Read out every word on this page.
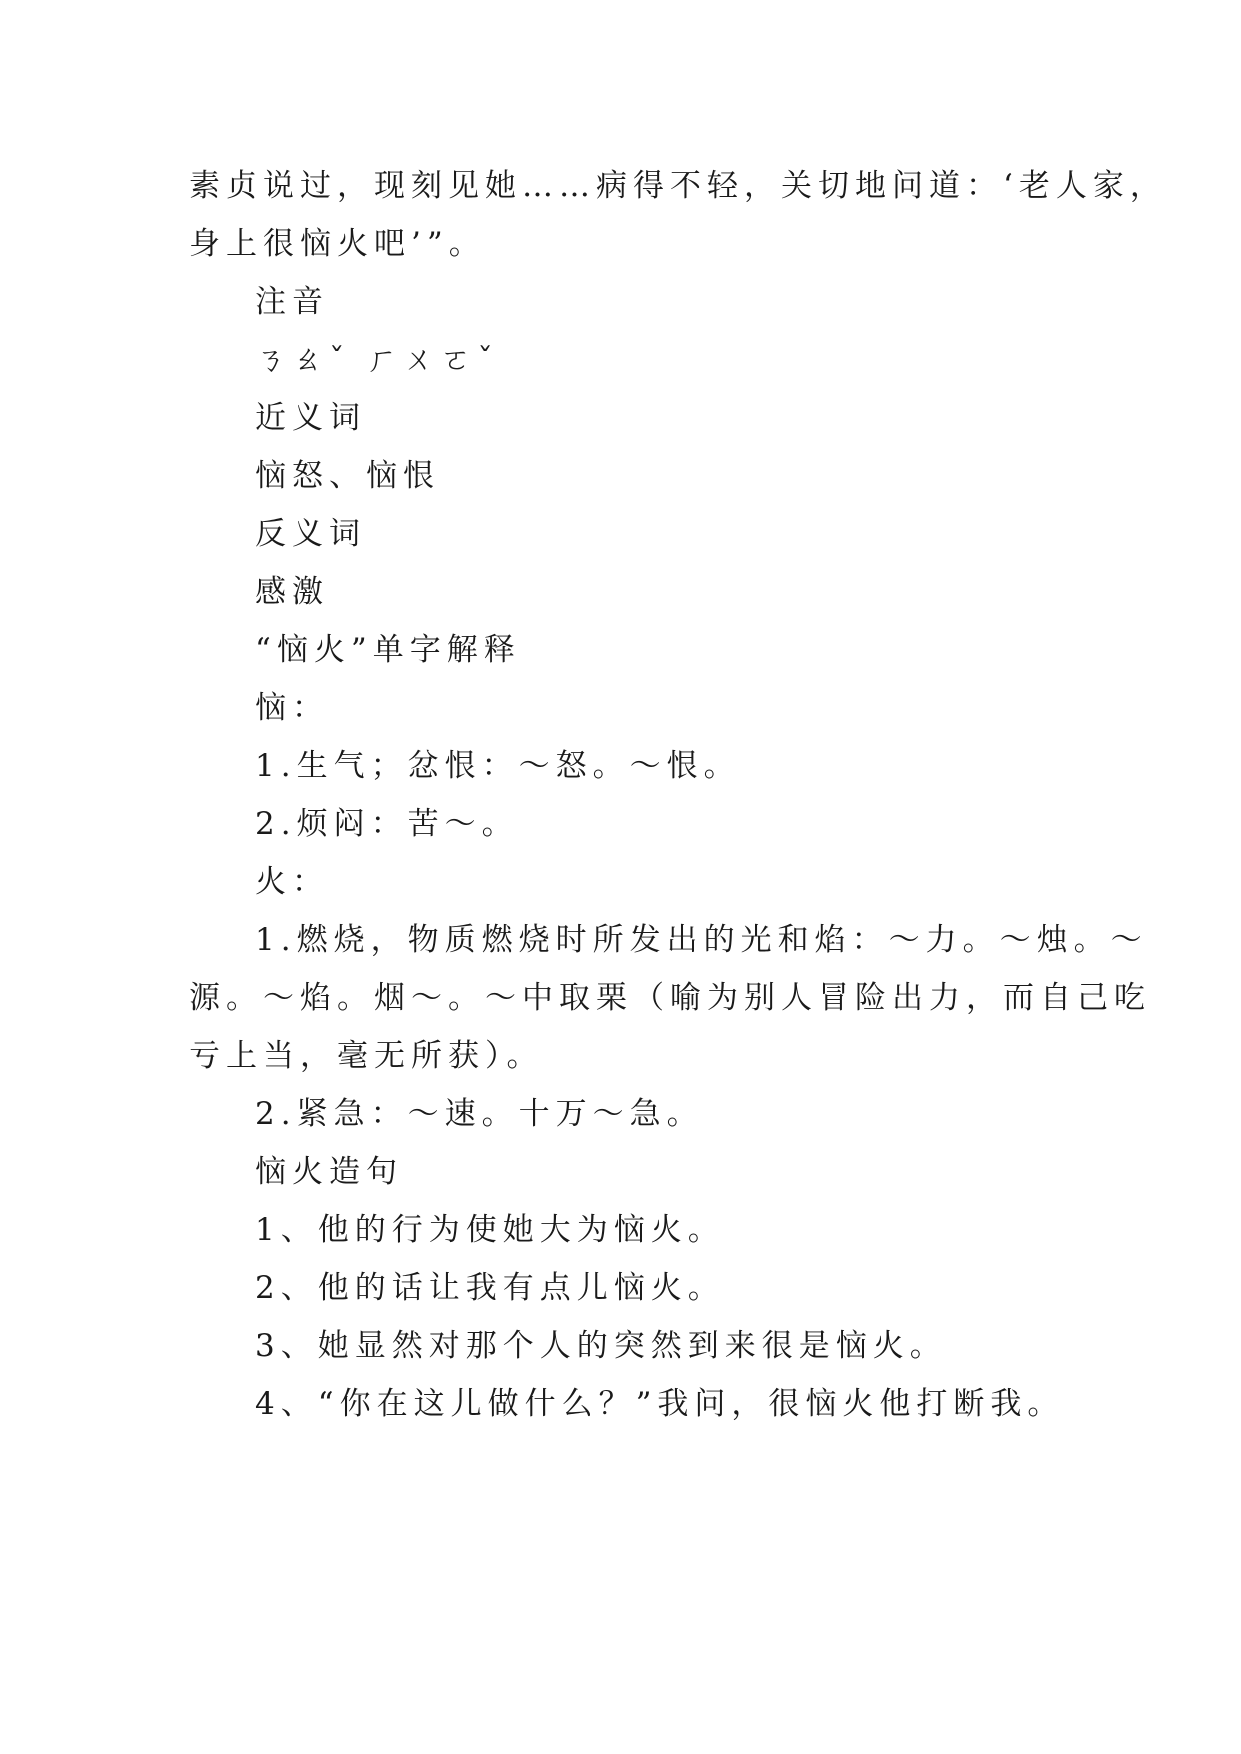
素贞说过，现刻见她……病得不轻，关切地问道：‘老人家，
身上很恼火吧’”。
注音
ㄋㄠˇ ㄏㄨㄛˇ
近义词
恼怒、恼恨
反义词
感激
“恼火”单字解释
恼：
1.生气；忿恨：～怒。～恨。
2.烦闷：苦～。
火：
1.燃烧，物质燃烧时所发出的光和焰：～力。～烛。～
源。～焰。烟～。～中取栗（喻为别人冒险出力，而自己吃
亏上当，毫无所获）。
2.紧急：～速。十万～急。
恼火造句
1、他的行为使她大为恼火。
2、他的话让我有点儿恼火。
3、她显然对那个人的突然到来很是恼火。
4、“你在这儿做什么？”我问，很恼火他打断我。
